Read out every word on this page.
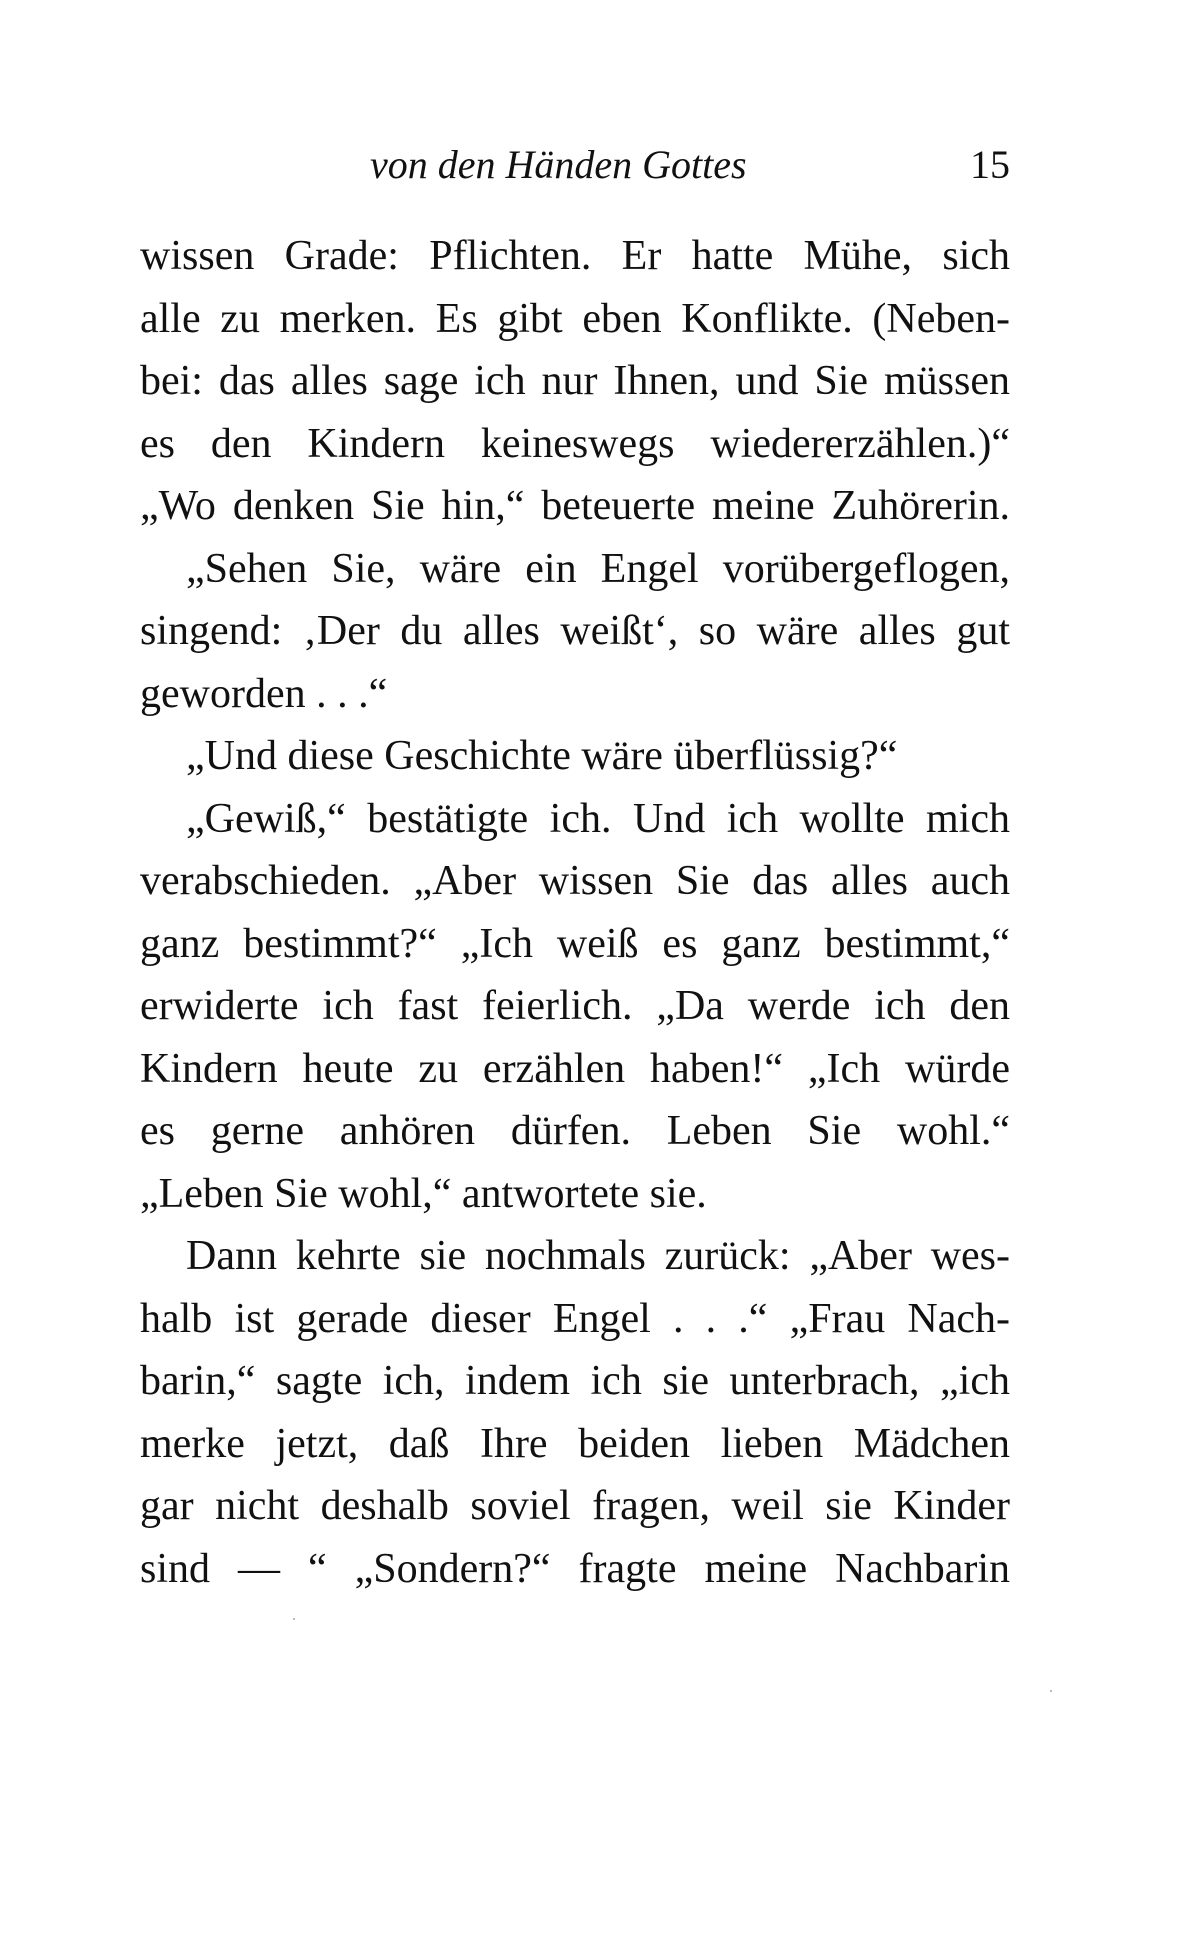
von den Händen Gottes	15
wissen Grade: Pflichten. Er hatte Mühe, sich
alle zu merken. Es gibt eben Konflikte. (Neben-
bei: das alles sage ich nur Ihnen, und Sie müssen
es den Kindern keineswegs wiedererzählen.)“
„Wo denken Sie hin,“ beteuerte meine Zuhörerin.
„Sehen Sie, wäre ein Engel vorübergeflogen,
singend: ‚Der du alles weißt‘, so wäre alles gut
geworden . . .“
„Und diese Geschichte wäre überflüssig?“
„Gewiß,“ bestätigte ich. Und ich wollte mich
verabschieden. „Aber wissen Sie das alles auch
ganz bestimmt?“ „Ich weiß es ganz bestimmt,“
erwiderte ich fast feierlich. „Da werde ich den
Kindern heute zu erzählen haben!“ „Ich würde
es gerne anhören dürfen. Leben Sie wohl.“
„Leben Sie wohl,“ antwortete sie.
Dann kehrte sie nochmals zurück: „Aber wes-
halb ist gerade dieser Engel . . .“ „Frau Nach-
barin,“ sagte ich, indem ich sie unterbrach, „ich
merke jetzt, daß Ihre beiden lieben Mädchen
gar nicht deshalb soviel fragen, weil sie Kinder
sind — “ „Sondern?“ fragte meine Nachbarin
